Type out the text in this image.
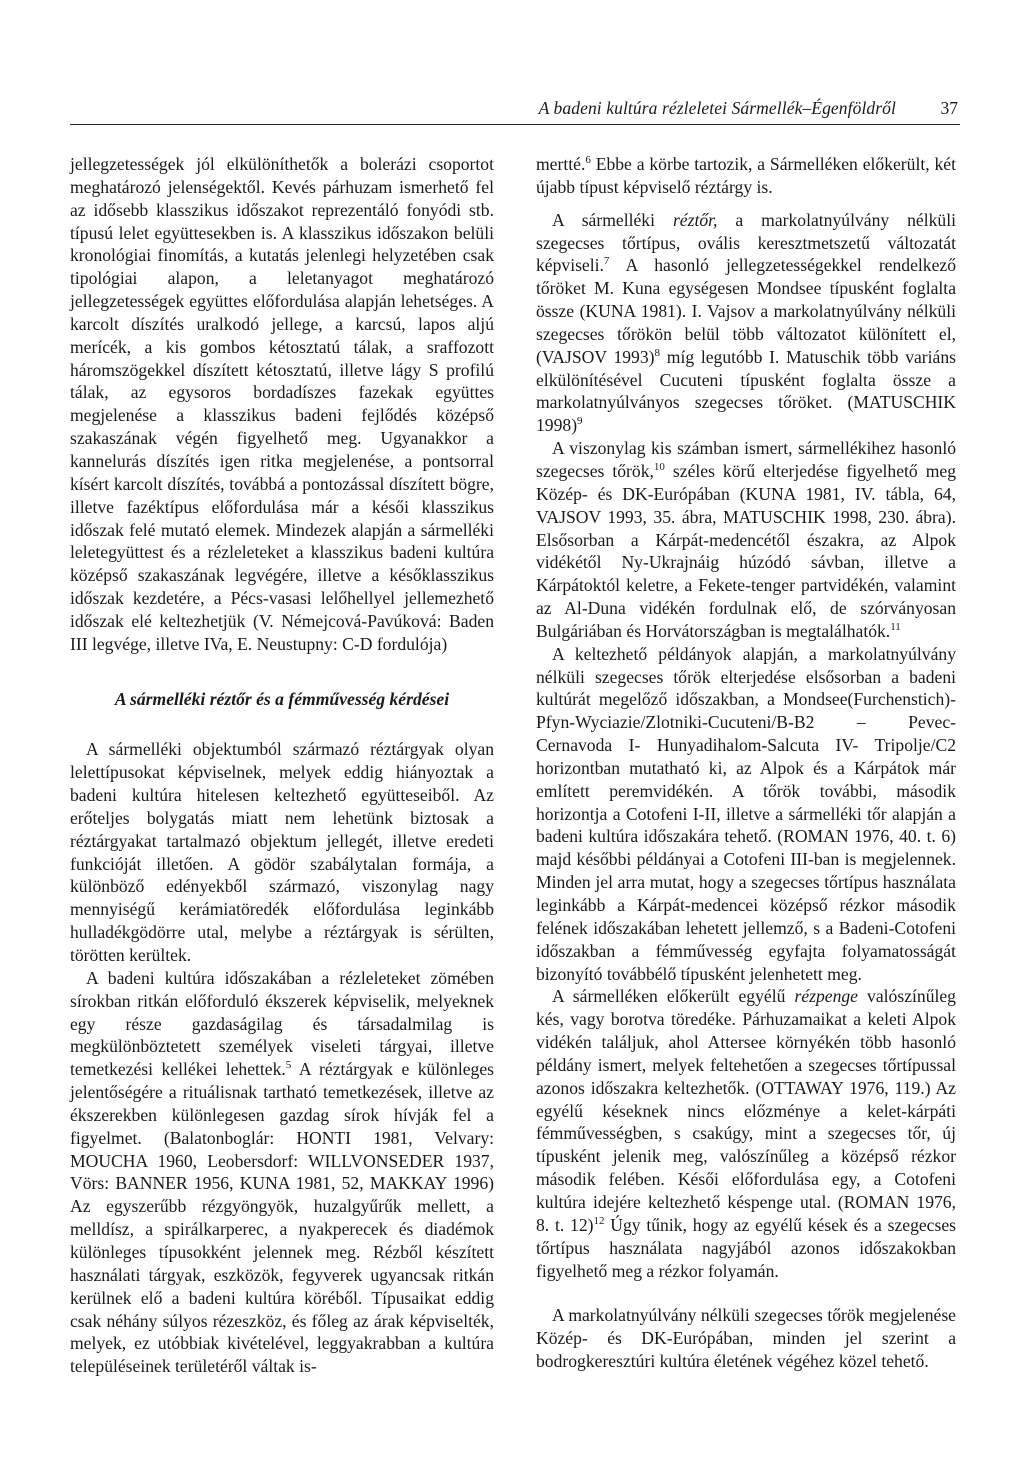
A badeni kultúra rézleletei Sármellék–Égenföldről	37

jellegzetességek jól elkülöníthetők a bolerázi csoportot meghatározó jelenségektől. Kevés párhuzam ismerhető fel az idősebb klasszikus időszakot reprezentáló fonyódi stb. típusú lelet együttesekben is. A klasszikus időszakon belüli kronológiai finomítás, a kutatás jelenlegi helyzetében csak tipológiai alapon, a leletanyagot meghatározó jellegzetességek együttes előfordulása alapján lehetséges. A karcolt díszítés uralkodó jellege, a karcsú, lapos aljú merícék, a kis gombos kétosztatú tálak, a sraffozott háromszögekkel díszített kétosztatú, illetve lágy S profilú tálak, az egysoros bordadíszes fazekak együttes megjelenése a klasszikus badeni fejlődés középső szakaszának végén figyelhető meg. Ugyanakkor a kannelurás díszítés igen ritka megjelenése, a pontsorral kísért karcolt díszítés, továbbá a pontozással díszített bögre, illetve fazéktípus előfordulása már a késői klasszikus időszak felé mutató elemek. Mindezek alapján a sármelléki leletegyüttest és a rézleleteket a klasszikus badeni kultúra középső szakaszának legvégére, illetve a későklasszikus időszak kezdetére, a Pécs-vasasi lelőhellyel jellemezhető időszak elé keltezhetjük (V. Némejcová-Pavúková: Baden III legvége, illetve IVa, E. Neustupny: C-D fordulója)

A sármelléki réztőr és a fémművesség kérdései

A sármelléki objektumból származó réztárgyak olyan lelettípusokat képviselnek, melyek eddig hiányoztak a badeni kultúra hitelesen keltezhető együtteseiből. Az erőteljes bolygatás miatt nem lehetünk biztosak a réztárgyakat tartalmazó objektum jellegét, illetve eredeti funkcióját illetően. A gödör szabálytalan formája, a különböző edényekből származó, viszonylag nagy mennyiségű kerámiatöredék előfordulása leginkább hulladékgödörre utal, melybe a réztárgyak is sérülten, törötten kerültek.

A badeni kultúra időszakában a rézleleteket zömében sírokban ritkán előforduló ékszerek képviselik, melyeknek egy része gazdaságilag és társadalmilag is megkülönböztetett személyek viseleti tárgyai, illetve temetkezési kellékei lehettek.$^5$ A réztárgyak e különleges jelentőségére a rituálisnak tartható temetkezések, illetve az ékszerekben különlegesen gazdag sírok hívják fel a figyelmet. (Balatonboglár: HONTI 1981, Velvary: MOUCHA 1960, Leobersdorf: WILLVONSEDER 1937, Vörs: BANNER 1956, KUNA 1981, 52, MAKKAY 1996) Az egyszerűbb rézgyöngyök, huzalgyűrűk mellett, a melldísz, a spirálkarperec, a nyakperecek és diadémok különleges típusokként jelennek meg. Rézből készített használati tárgyak, eszközök, fegyverek ugyancsak ritkán kerülnek elő a badeni kultúra köréből. Típusaikat eddig csak néhány súlyos rézeszköz, és főleg az árak képviselték, melyek, ez utóbbiak kivételével, leggyakrabban a kultúra településeinek területéről váltak is-

mertté.$^6$ Ebbe a körbe tartozik, a Sármelléken előkerült, két újabb típust képviselő réztárgy is.

A sármelléki réztőr, a markolatnyúlvány nélküli szegecses tőrtípus, ovális keresztmetszetű változatát képviseli.$^7$ A hasonló jellegzetességekkel rendelkező tőröket M. Kuna egységesen Mondsee típusként foglalta össze (KUNA 1981). I. Vajsov a markolatnyúlvány nélküli szegecses tőrökön belül több változatot különített el, (VAJSOV 1993)$^8$ míg legutóbb I. Matuschik több variáns elkülönítésével Cucuteni típusként foglalta össze a markolatnyúlványos szegecses tőröket. (MATUSCHIK 1998)$^9$

A viszonylag kis számban ismert, sármellékihez hasonló szegecses tőrök,$^{10}$ széles körű elterjedése figyelhető meg Közép- és DK-Európában (KUNA 1981, IV. tábla, 64, VAJSOV 1993, 35. ábra, MATUSCHIK 1998, 230. ábra). Elsősorban a Kárpát-medencétől északra, az Alpok vidékétől Ny-Ukrajnáig húzódó sávban, illetve a Kárpátoktól keletre, a Fekete-tenger partvidékén, valamint az Al-Duna vidékén fordulnak elő, de szórványosan Bulgáriában és Horvátországban is megtalálhatók.$^{11}$

A keltezhető példányok alapján, a markolatnyúlvány nélküli szegecses tőrök elterjedése elsősorban a badeni kultúrát megelőző időszakban, a Mondsee(Furchenstich)-Pfyn-Wyciazie/Zlotniki-Cucuteni/B-B2 – Pevec-Cernavoda I- Hunyadihalom-Salcuta IV- Tripolje/C2 horizontban mutatható ki, az Alpok és a Kárpátok már említett peremvidékén. A tőrök további, második horizontja a Cotofeni I-II, illetve a sármelléki tőr alapján a badeni kultúra időszakára tehető. (ROMAN 1976, 40. t. 6) majd későbbi példányai a Cotofeni III-ban is megjelennek. Minden jel arra mutat, hogy a szegecses tőrtípus használata leginkább a Kárpát-medencei középső rézkor második felének időszakában lehetett jellemző, s a Badeni-Cotofeni időszakban a fémművesség egyfajta folyamatosságát bizonyító továbbélő típusként jelenhetett meg.

A sármelléken előkerült egyélű rézpenge valószínűleg kés, vagy borotva töredéke. Párhuzamaikat a keleti Alpok vidékén találjuk, ahol Attersee környékén több hasonló példány ismert, melyek feltehetően a szegecses tőrtípussal azonos időszakra keltezhetők. (OTTAWAY 1976, 119.) Az egyélű késeknek nincs előzménye a kelet-kárpáti fémművességben, s csakúgy, mint a szegecses tőr, új típusként jelenik meg, valószínűleg a középső rézkor második felében. Késői előfordulása egy, a Cotofeni kultúra idejére keltezhető késpenge utal. (ROMAN 1976, 8. t. 12)$^{12}$ Úgy tűnik, hogy az egyélű kések és a szegecses tőrtípus használata nagyjából azonos időszakokban figyelhető meg a rézkor folyamán.

A markolatnyúlvány nélküli szegecses tőrök megjelenése Közép- és DK-Európában, minden jel szerint a bodrogkeresztúri kultúra életének végéhez közel tehető.
